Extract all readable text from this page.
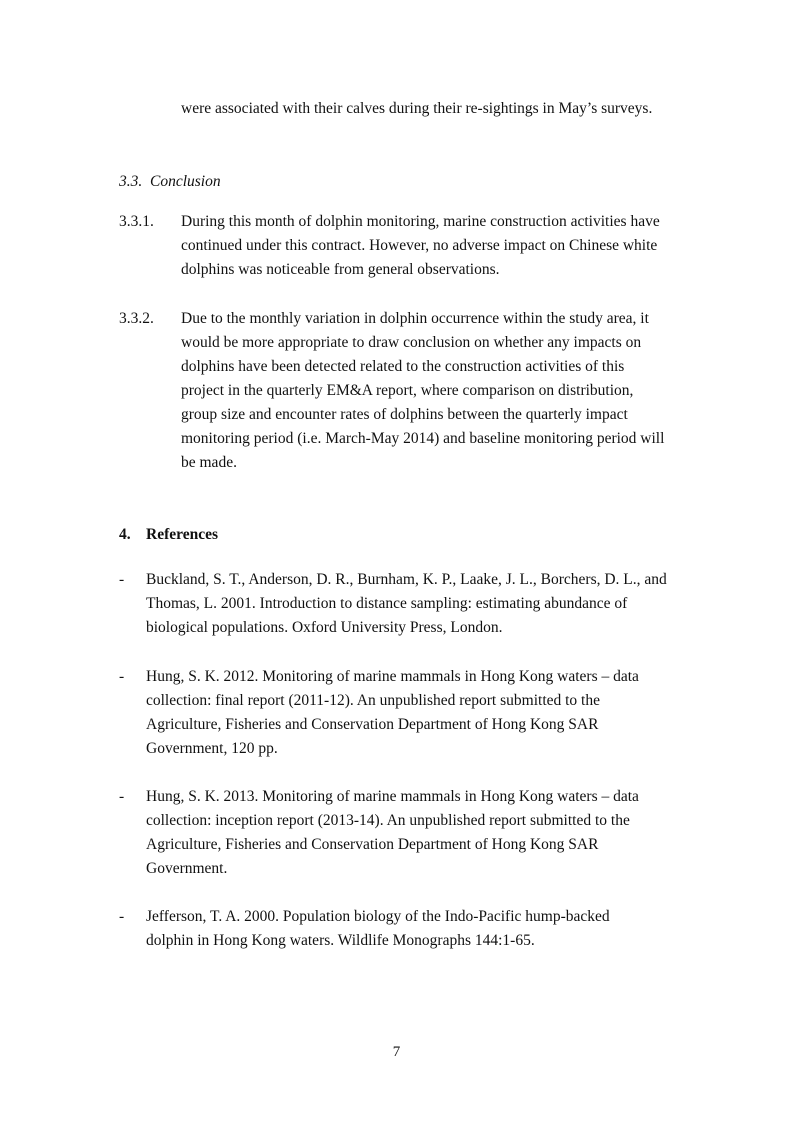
were associated with their calves during their re-sightings in May’s surveys.

3.3. Conclusion

3.3.1. During this month of dolphin monitoring, marine construction activities have
continued under this contract. However, no adverse impact on Chinese white
dolphins was noticeable from general observations.
3.3.2. Due to the monthly variation in dolphin occurrence within the study area, it
would be more appropriate to draw conclusion on whether any impacts on
dolphins have been detected related to the construction activities of this
project in the quarterly EM&A report, where comparison on distribution,
group size and encounter rates of dolphins between the quarterly impact
monitoring period (i.e. March-May 2014) and baseline monitoring period will
be made.

4. References

- Buckland, S. T., Anderson, D. R., Burnham, K. P., Laake, J. L., Borchers, D. L., and
Thomas, L. 2001. Introduction to distance sampling: estimating abundance of
biological populations. Oxford University Press, London.
- Hung, S. K. 2012. Monitoring of marine mammals in Hong Kong waters – data
collection: final report (2011-12). An unpublished report submitted to the
Agriculture, Fisheries and Conservation Department of Hong Kong SAR
Government, 120 pp.
- Hung, S. K. 2013. Monitoring of marine mammals in Hong Kong waters – data
collection: inception report (2013-14). An unpublished report submitted to the
Agriculture, Fisheries and Conservation Department of Hong Kong SAR
Government.
- Jefferson, T. A. 2000. Population biology of the Indo-Pacific hump-backed
dolphin in Hong Kong waters. Wildlife Monographs 144:1-65.

7
